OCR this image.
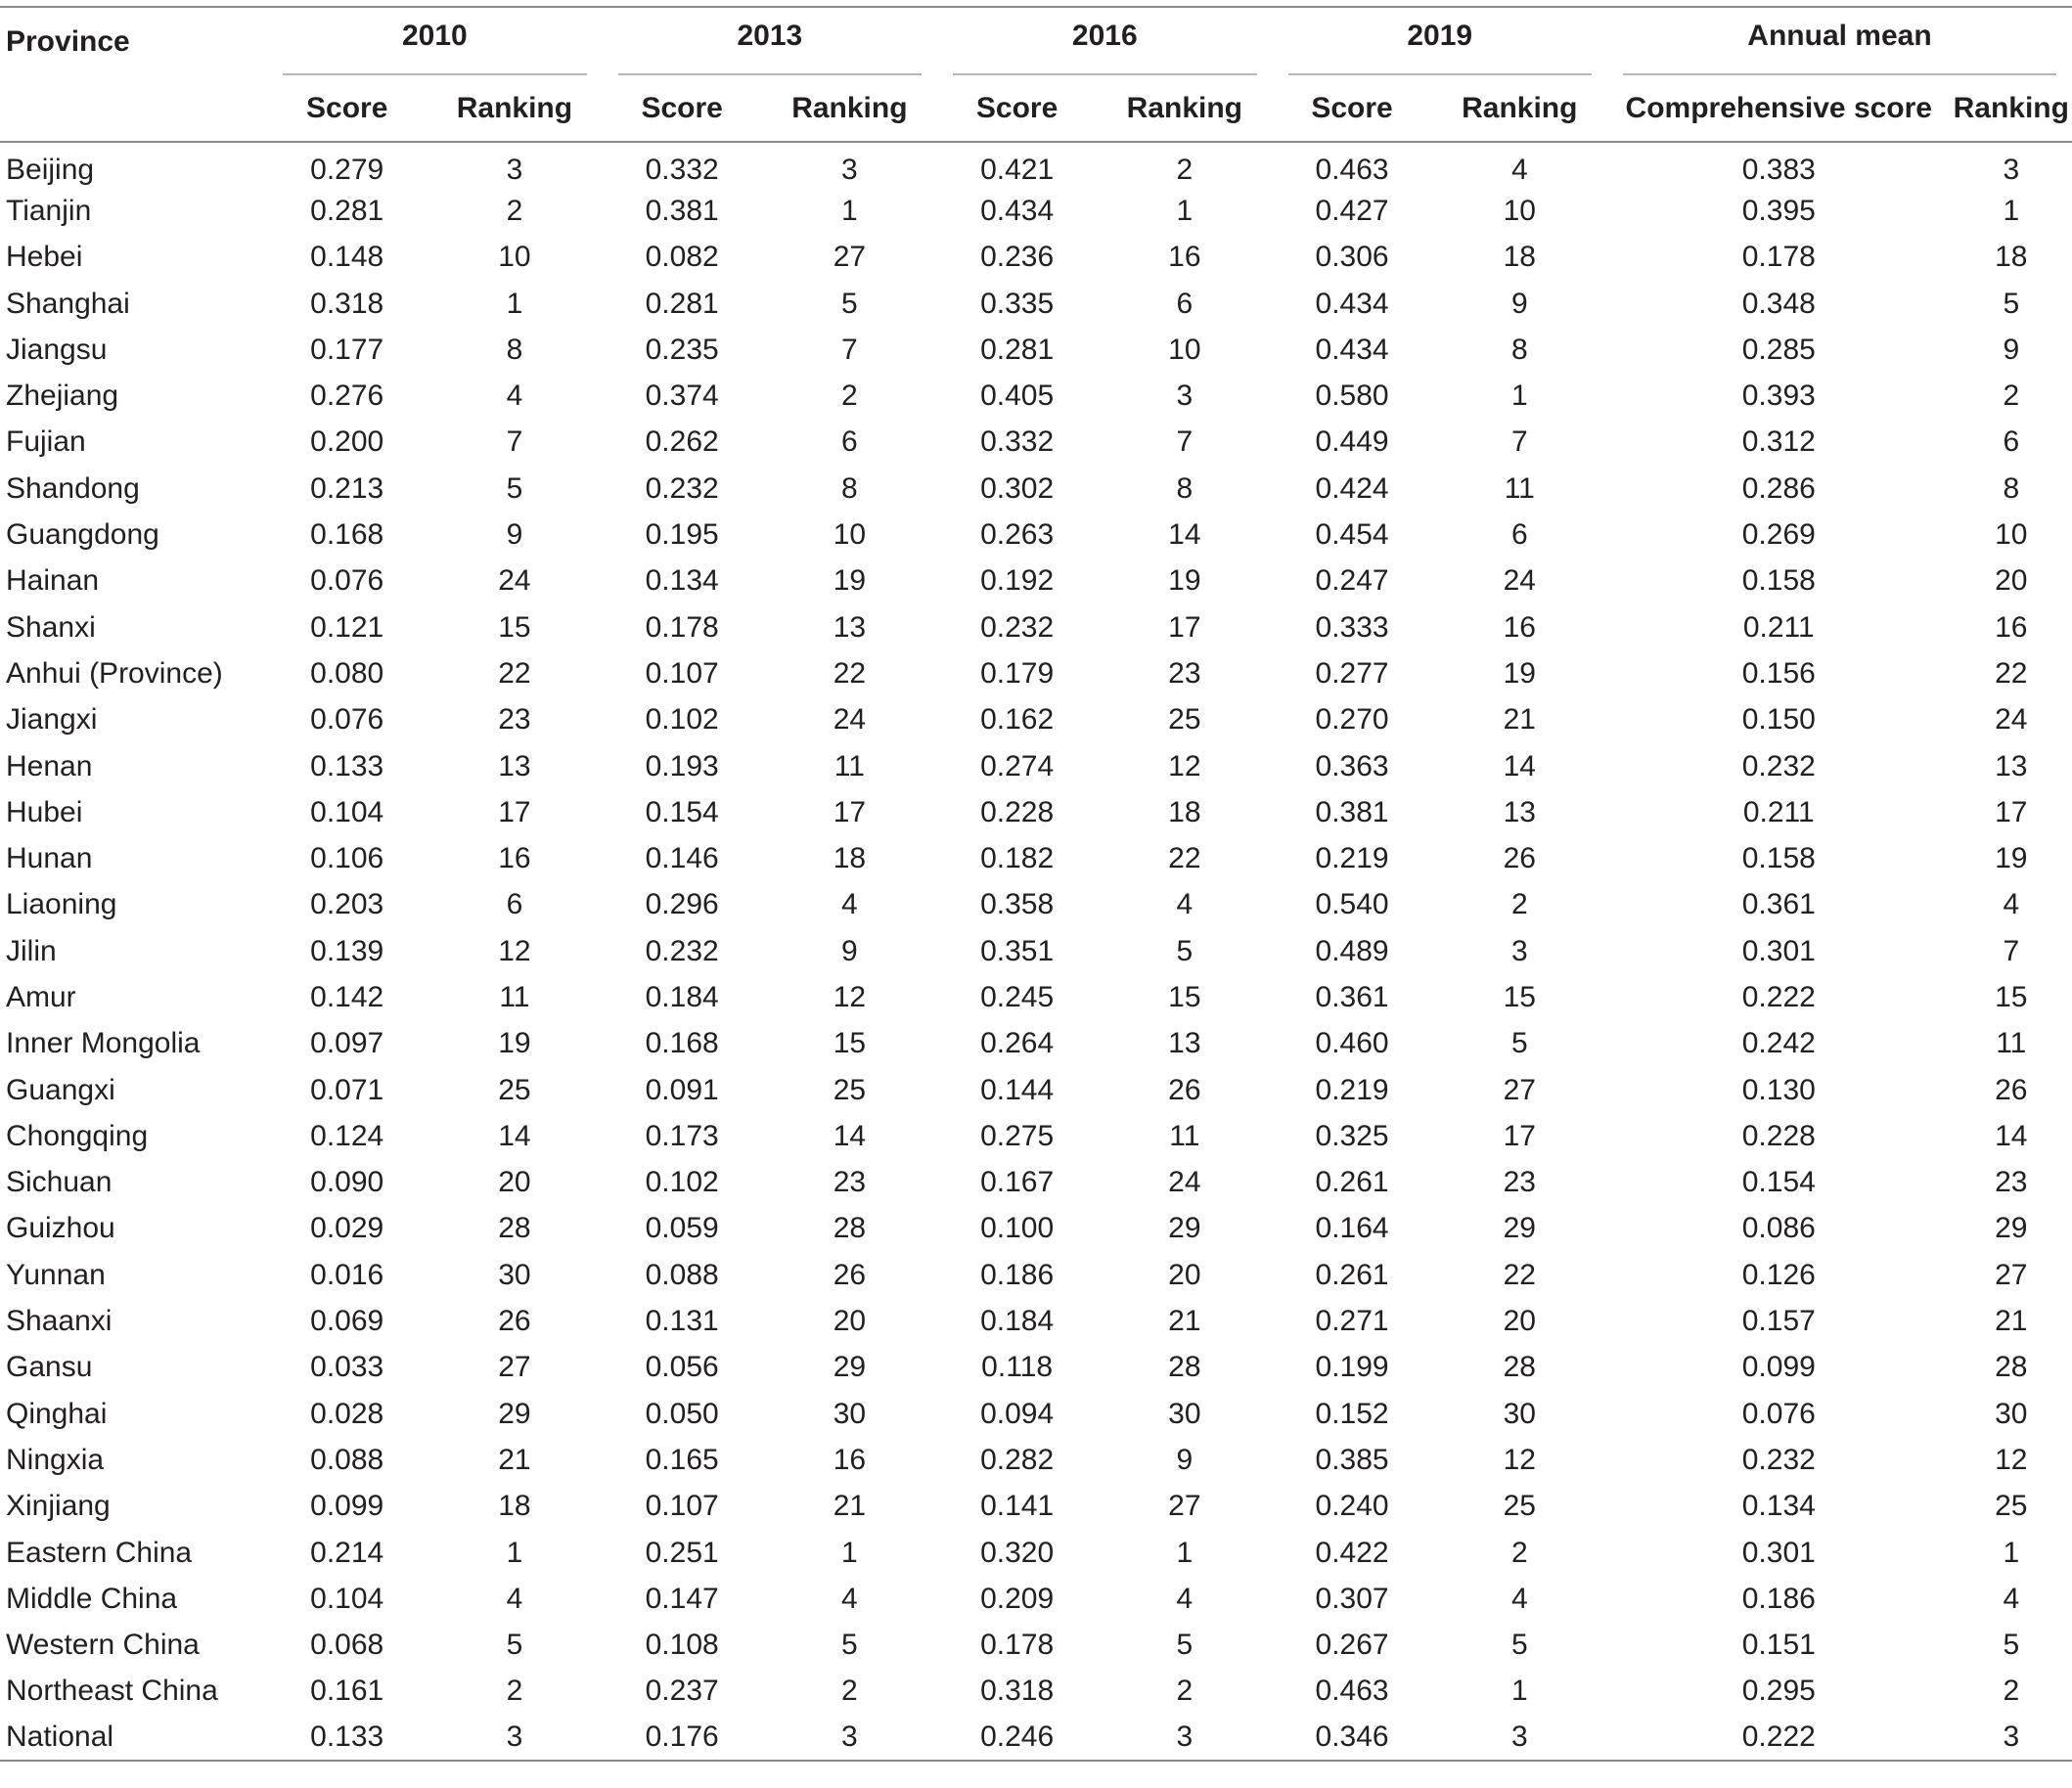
Province	2010		2013		2016		2019		Annual mean	

	Score	Ranking	Score	Ranking	Score	Ranking	Score	Ranking	Comprehensive score	Ranking
Beijing	0.279	3	0.332	3	0.421	2	0.463	4	0.383	3
Tianjin	0.281	2	0.381	1	0.434	1	0.427	10	0.395	1
Hebei	0.148	10	0.082	27	0.236	16	0.306	18	0.178	18
Shanghai	0.318	1	0.281	5	0.335	6	0.434	9	0.348	5
Jiangsu	0.177	8	0.235	7	0.281	10	0.434	8	0.285	9
Zhejiang	0.276	4	0.374	2	0.405	3	0.580	1	0.393	2
Fujian	0.200	7	0.262	6	0.332	7	0.449	7	0.312	6
Shandong	0.213	5	0.232	8	0.302	8	0.424	11	0.286	8
Guangdong	0.168	9	0.195	10	0.263	14	0.454	6	0.269	10
Hainan	0.076	24	0.134	19	0.192	19	0.247	24	0.158	20
Shanxi	0.121	15	0.178	13	0.232	17	0.333	16	0.211	16
Anhui (Province)	0.080	22	0.107	22	0.179	23	0.277	19	0.156	22
Jiangxi	0.076	23	0.102	24	0.162	25	0.270	21	0.150	24
Henan	0.133	13	0.193	11	0.274	12	0.363	14	0.232	13
Hubei	0.104	17	0.154	17	0.228	18	0.381	13	0.211	17
Hunan	0.106	16	0.146	18	0.182	22	0.219	26	0.158	19
Liaoning	0.203	6	0.296	4	0.358	4	0.540	2	0.361	4
Jilin	0.139	12	0.232	9	0.351	5	0.489	3	0.301	7
Amur	0.142	11	0.184	12	0.245	15	0.361	15	0.222	15
Inner Mongolia	0.097	19	0.168	15	0.264	13	0.460	5	0.242	11
Guangxi	0.071	25	0.091	25	0.144	26	0.219	27	0.130	26
Chongqing	0.124	14	0.173	14	0.275	11	0.325	17	0.228	14
Sichuan	0.090	20	0.102	23	0.167	24	0.261	23	0.154	23
Guizhou	0.029	28	0.059	28	0.100	29	0.164	29	0.086	29
Yunnan	0.016	30	0.088	26	0.186	20	0.261	22	0.126	27
Shaanxi	0.069	26	0.131	20	0.184	21	0.271	20	0.157	21
Gansu	0.033	27	0.056	29	0.118	28	0.199	28	0.099	28
Qinghai	0.028	29	0.050	30	0.094	30	0.152	30	0.076	30
Ningxia	0.088	21	0.165	16	0.282	9	0.385	12	0.232	12
Xinjiang	0.099	18	0.107	21	0.141	27	0.240	25	0.134	25
Eastern China	0.214	1	0.251	1	0.320	1	0.422	2	0.301	1
Middle China	0.104	4	0.147	4	0.209	4	0.307	4	0.186	4
Western China	0.068	5	0.108	5	0.178	5	0.267	5	0.151	5
Northeast China	0.161	2	0.237	2	0.318	2	0.463	1	0.295	2
National	0.133	3	0.176	3	0.246	3	0.346	3	0.222	3
